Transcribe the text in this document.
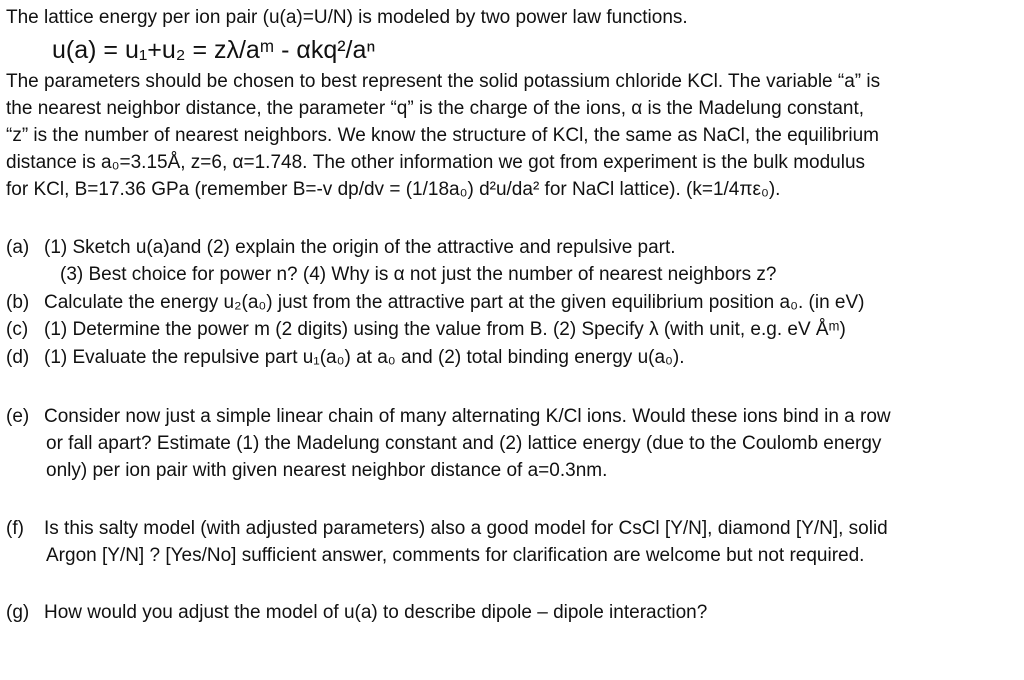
The lattice energy per ion pair (u(a)=U/N) is modeled by two power law functions.
u(a) = u₁+u₂ = zλ/aᵐ - αkq²/aⁿ
The parameters should be chosen to best represent the solid potassium chloride KCl. The variable “a” is
the nearest neighbor distance, the parameter “q” is the charge of the ions, α is the Madelung constant,
“z” is the number of nearest neighbors. We know the structure of KCl, the same as NaCl, the equilibrium
distance is a₀=3.15Å, z=6, α=1.748. The other information we got from experiment is the bulk modulus
for KCl, B=17.36 GPa (remember B=-v dp/dv = (1/18a₀) d²u/da² for NaCl lattice). (k=1/4πε₀).
(a) (1) Sketch u(a)and (2) explain the origin of the attractive and repulsive part.
(3) Best choice for power n? (4) Why is α not just the number of nearest neighbors z?
(b) Calculate the energy u₂(a₀) just from the attractive part at the given equilibrium position a₀. (in eV)
(c) (1) Determine the power m (2 digits) using the value from B. (2) Specify λ (with unit, e.g. eV Åᵐ)
(d) (1) Evaluate the repulsive part u₁(a₀) at a₀ and (2) total binding energy u(a₀).
(e) Consider now just a simple linear chain of many alternating K/Cl ions. Would these ions bind in a row
or fall apart? Estimate (1) the Madelung constant and (2) lattice energy (due to the Coulomb energy
only) per ion pair with given nearest neighbor distance of a=0.3nm.
(f) Is this salty model (with adjusted parameters) also a good model for CsCl [Y/N], diamond [Y/N], solid
Argon [Y/N] ? [Yes/No] sufficient answer, comments for clarification are welcome but not required.
(g) How would you adjust the model of u(a) to describe dipole – dipole interaction?
